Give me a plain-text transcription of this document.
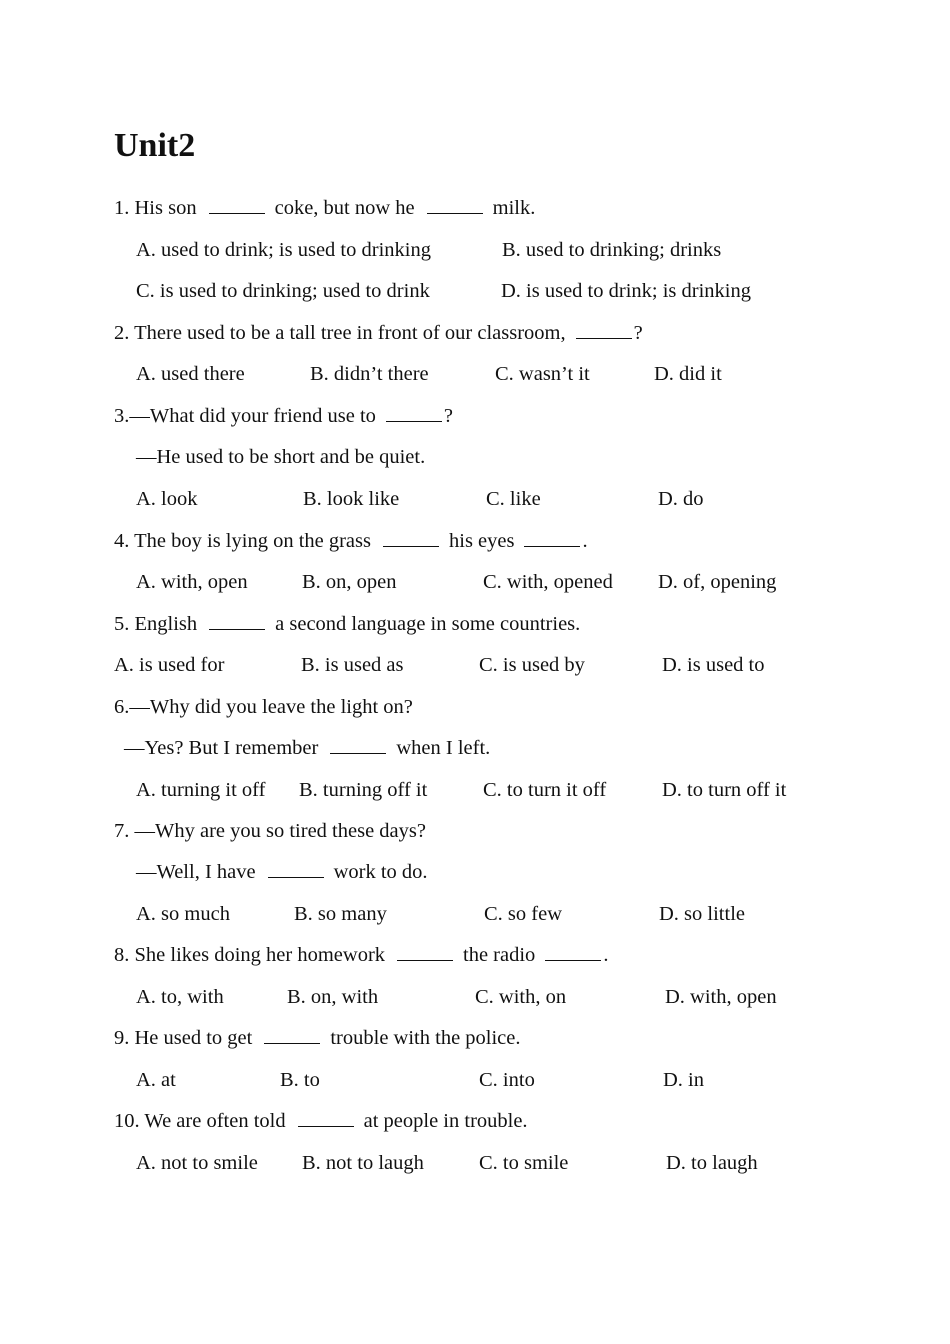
Unit2
1. His son	coke, but now he	milk.
A. used to drink; is used to drinking	B. used to drinking; drinks
C. is used to drinking; used to drink	D. is used to drink; is drinking
2. There used to be a tall tree in front of our classroom,	?
A. used there	B. didn’t there	C. wasn’t it	D. did it
3.—What did your friend use to	?
—He used to be short and be quiet.
A. look	B. look like	C. like	D. do
4. The boy is lying on the grass	his eyes	.
A. with, open	B. on, open	C. with, opened D. of, opening
5. English	a second language in some countries.
A. is used for	B. is used as	C. is used by	D. is used to
6.—Why did you leave the light on?
—Yes? But I remember	when I left.
A. turning it off B. turning off it	C. to turn it off	D. to turn off it
7. —Why are you so tired these days?
—Well, I have	work to do.
A. so much	B. so many	C. so few	D. so little
8. She likes doing her homework	the radio	.
A. to, with	B. on, with	C. with, on	D. with, open
9. He used to get	trouble with the police.
A. at	B. to	C. into	D. in
10. We are often told	at people in trouble.
A. not to smile B. not to laugh	C. to smile	D. to laugh
